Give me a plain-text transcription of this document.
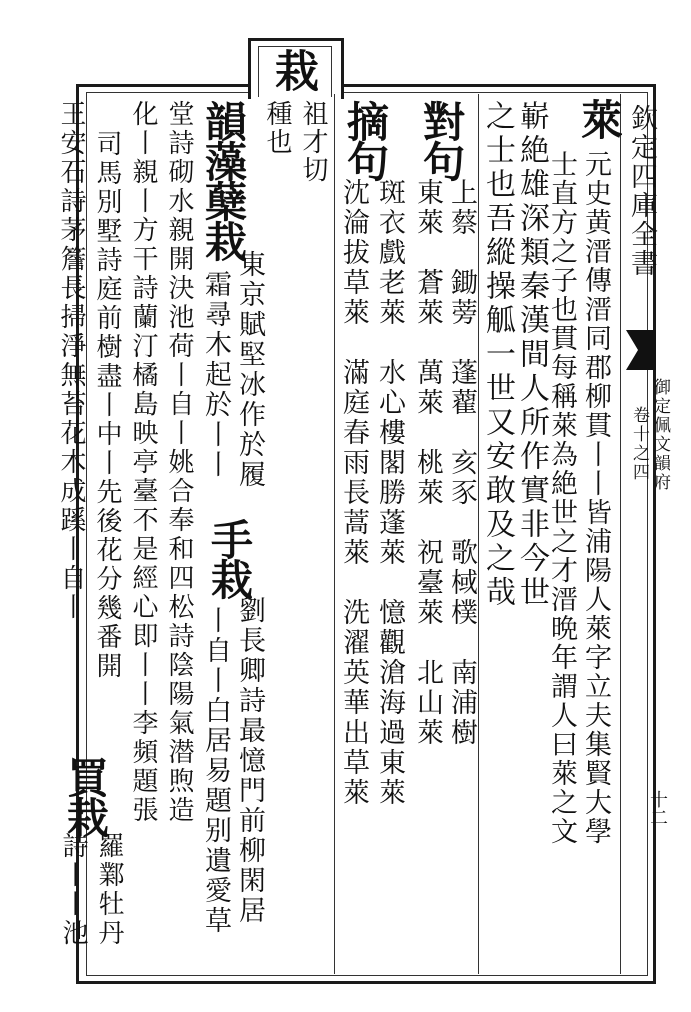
栽
欽定四庫全書
御定佩文韻府
卷十之四
十二
萊
元史黄溍傳溍同郡柳貫丨丨皆浦陽人萊字立夫集賢大學
士直方之子也貫每稱萊為絶世之才溍晩年謂人曰萊之文
嶄絶雄深類秦漢間人所作實非今世
之士也吾縱操觚一世又安敢及之哉
對句
上蔡　鋤蒡　蓬藋　亥豕　歌棫樸　南浦樹
東萊　蒼萊　萬萊　桃萊　祝臺萊　北山萊
摘句
斑衣戲老萊　水心樓閣勝蓬萊　憶觀滄海過東萊
沈淪拔草萊　滿庭春雨長蒿萊　洗濯英華出草萊
祖才切
種也
韻藻
蘖栽
東京賦堅冰作於履
霜尋木起於丨丨
手栽
劉長卿詩最憶門前柳閑居
丨自丨白居易題别遺愛草
堂詩砌水親開決池荷丨自丨姚合奉和四松詩陰陽氣潜煦造
化丨親丨方干詩蘭汀橘島映亭臺不是經心即丨丨李頻題張
司馬別墅詩庭前樹盡丨中丨先後花分幾番開
王安石詩茅簷長掃淨無苔花木成蹊丨自丨
買栽
羅鄴牡丹
詩丨丨池
